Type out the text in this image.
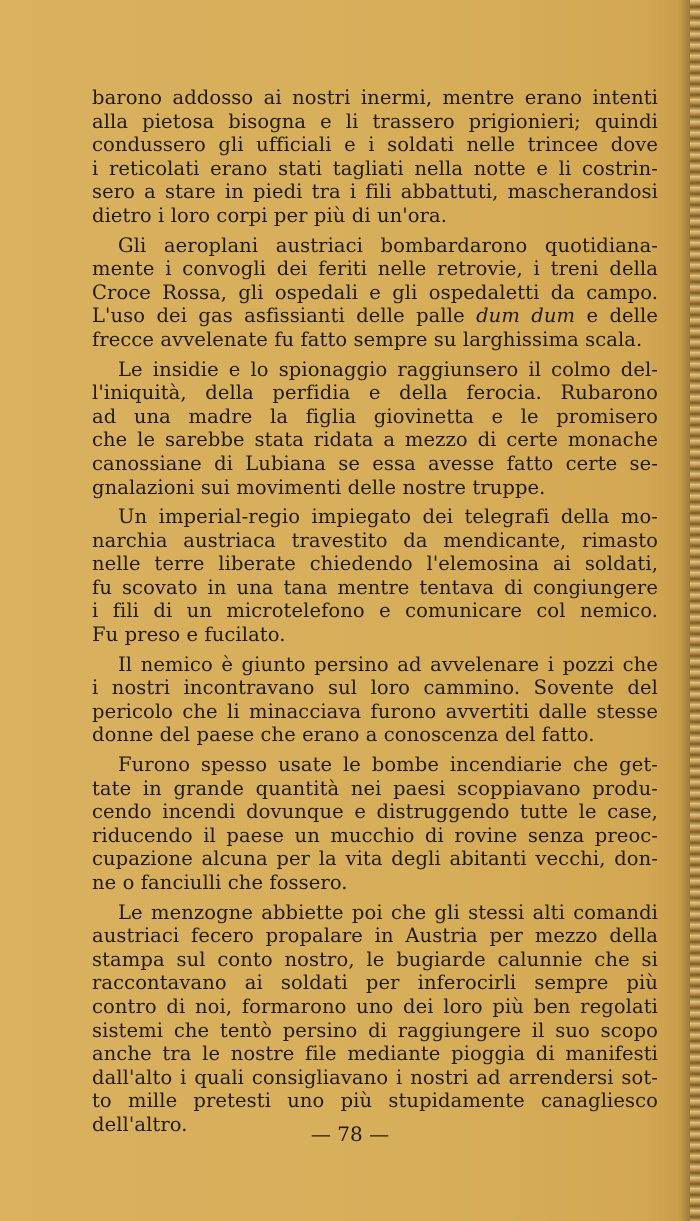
barono addosso ai nostri inermi, mentre erano intenti
alla pietosa bisogna e li trassero prigionieri; quindi
condussero gli ufficiali e i soldati nelle trincee dove
i reticolati erano stati tagliati nella notte e li costrin-
sero a stare in piedi tra i fili abbattuti, mascherandosi
dietro i loro corpi per più di un'ora.
Gli aeroplani austriaci bombardarono quotidiana-
mente i convogli dei feriti nelle retrovie, i treni della
Croce Rossa, gli ospedali e gli ospedaletti da campo.
L'uso dei gas asfissianti delle palle dum dum e delle
frecce avvelenate fu fatto sempre su larghissima scala.
Le insidie e lo spionaggio raggiunsero il colmo del-
l'iniquità, della perfidia e della ferocia. Rubarono
ad una madre la figlia giovinetta e le promisero
che le sarebbe stata ridata a mezzo di certe monache
canossiane di Lubiana se essa avesse fatto certe se-
gnalazioni sui movimenti delle nostre truppe.
Un imperial-regio impiegato dei telegrafi della mo-
narchia austriaca travestito da mendicante, rimasto
nelle terre liberate chiedendo l'elemosina ai soldati,
fu scovato in una tana mentre tentava di congiungere
i fili di un microtelefono e comunicare col nemico.
Fu preso e fucilato.
Il nemico è giunto persino ad avvelenare i pozzi che
i nostri incontravano sul loro cammino. Sovente del
pericolo che li minacciava furono avvertiti dalle stesse
donne del paese che erano a conoscenza del fatto.
Furono spesso usate le bombe incendiarie che get-
tate in grande quantità nei paesi scoppiavano produ-
cendo incendi dovunque e distruggendo tutte le case,
riducendo il paese un mucchio di rovine senza preoc-
cupazione alcuna per la vita degli abitanti vecchi, don-
ne o fanciulli che fossero.
Le menzogne abbiette poi che gli stessi alti comandi
austriaci fecero propalare in Austria per mezzo della
stampa sul conto nostro, le bugiarde calunnie che si
raccontavano ai soldati per inferocirli sempre più
contro di noi, formarono uno dei loro più ben regolati
sistemi che tentò persino di raggiungere il suo scopo
anche tra le nostre file mediante pioggia di manifesti
dall'alto i quali consigliavano i nostri ad arrendersi sot-
to mille pretesti uno più stupidamente canagliesco
dell'altro.	— 78 —
